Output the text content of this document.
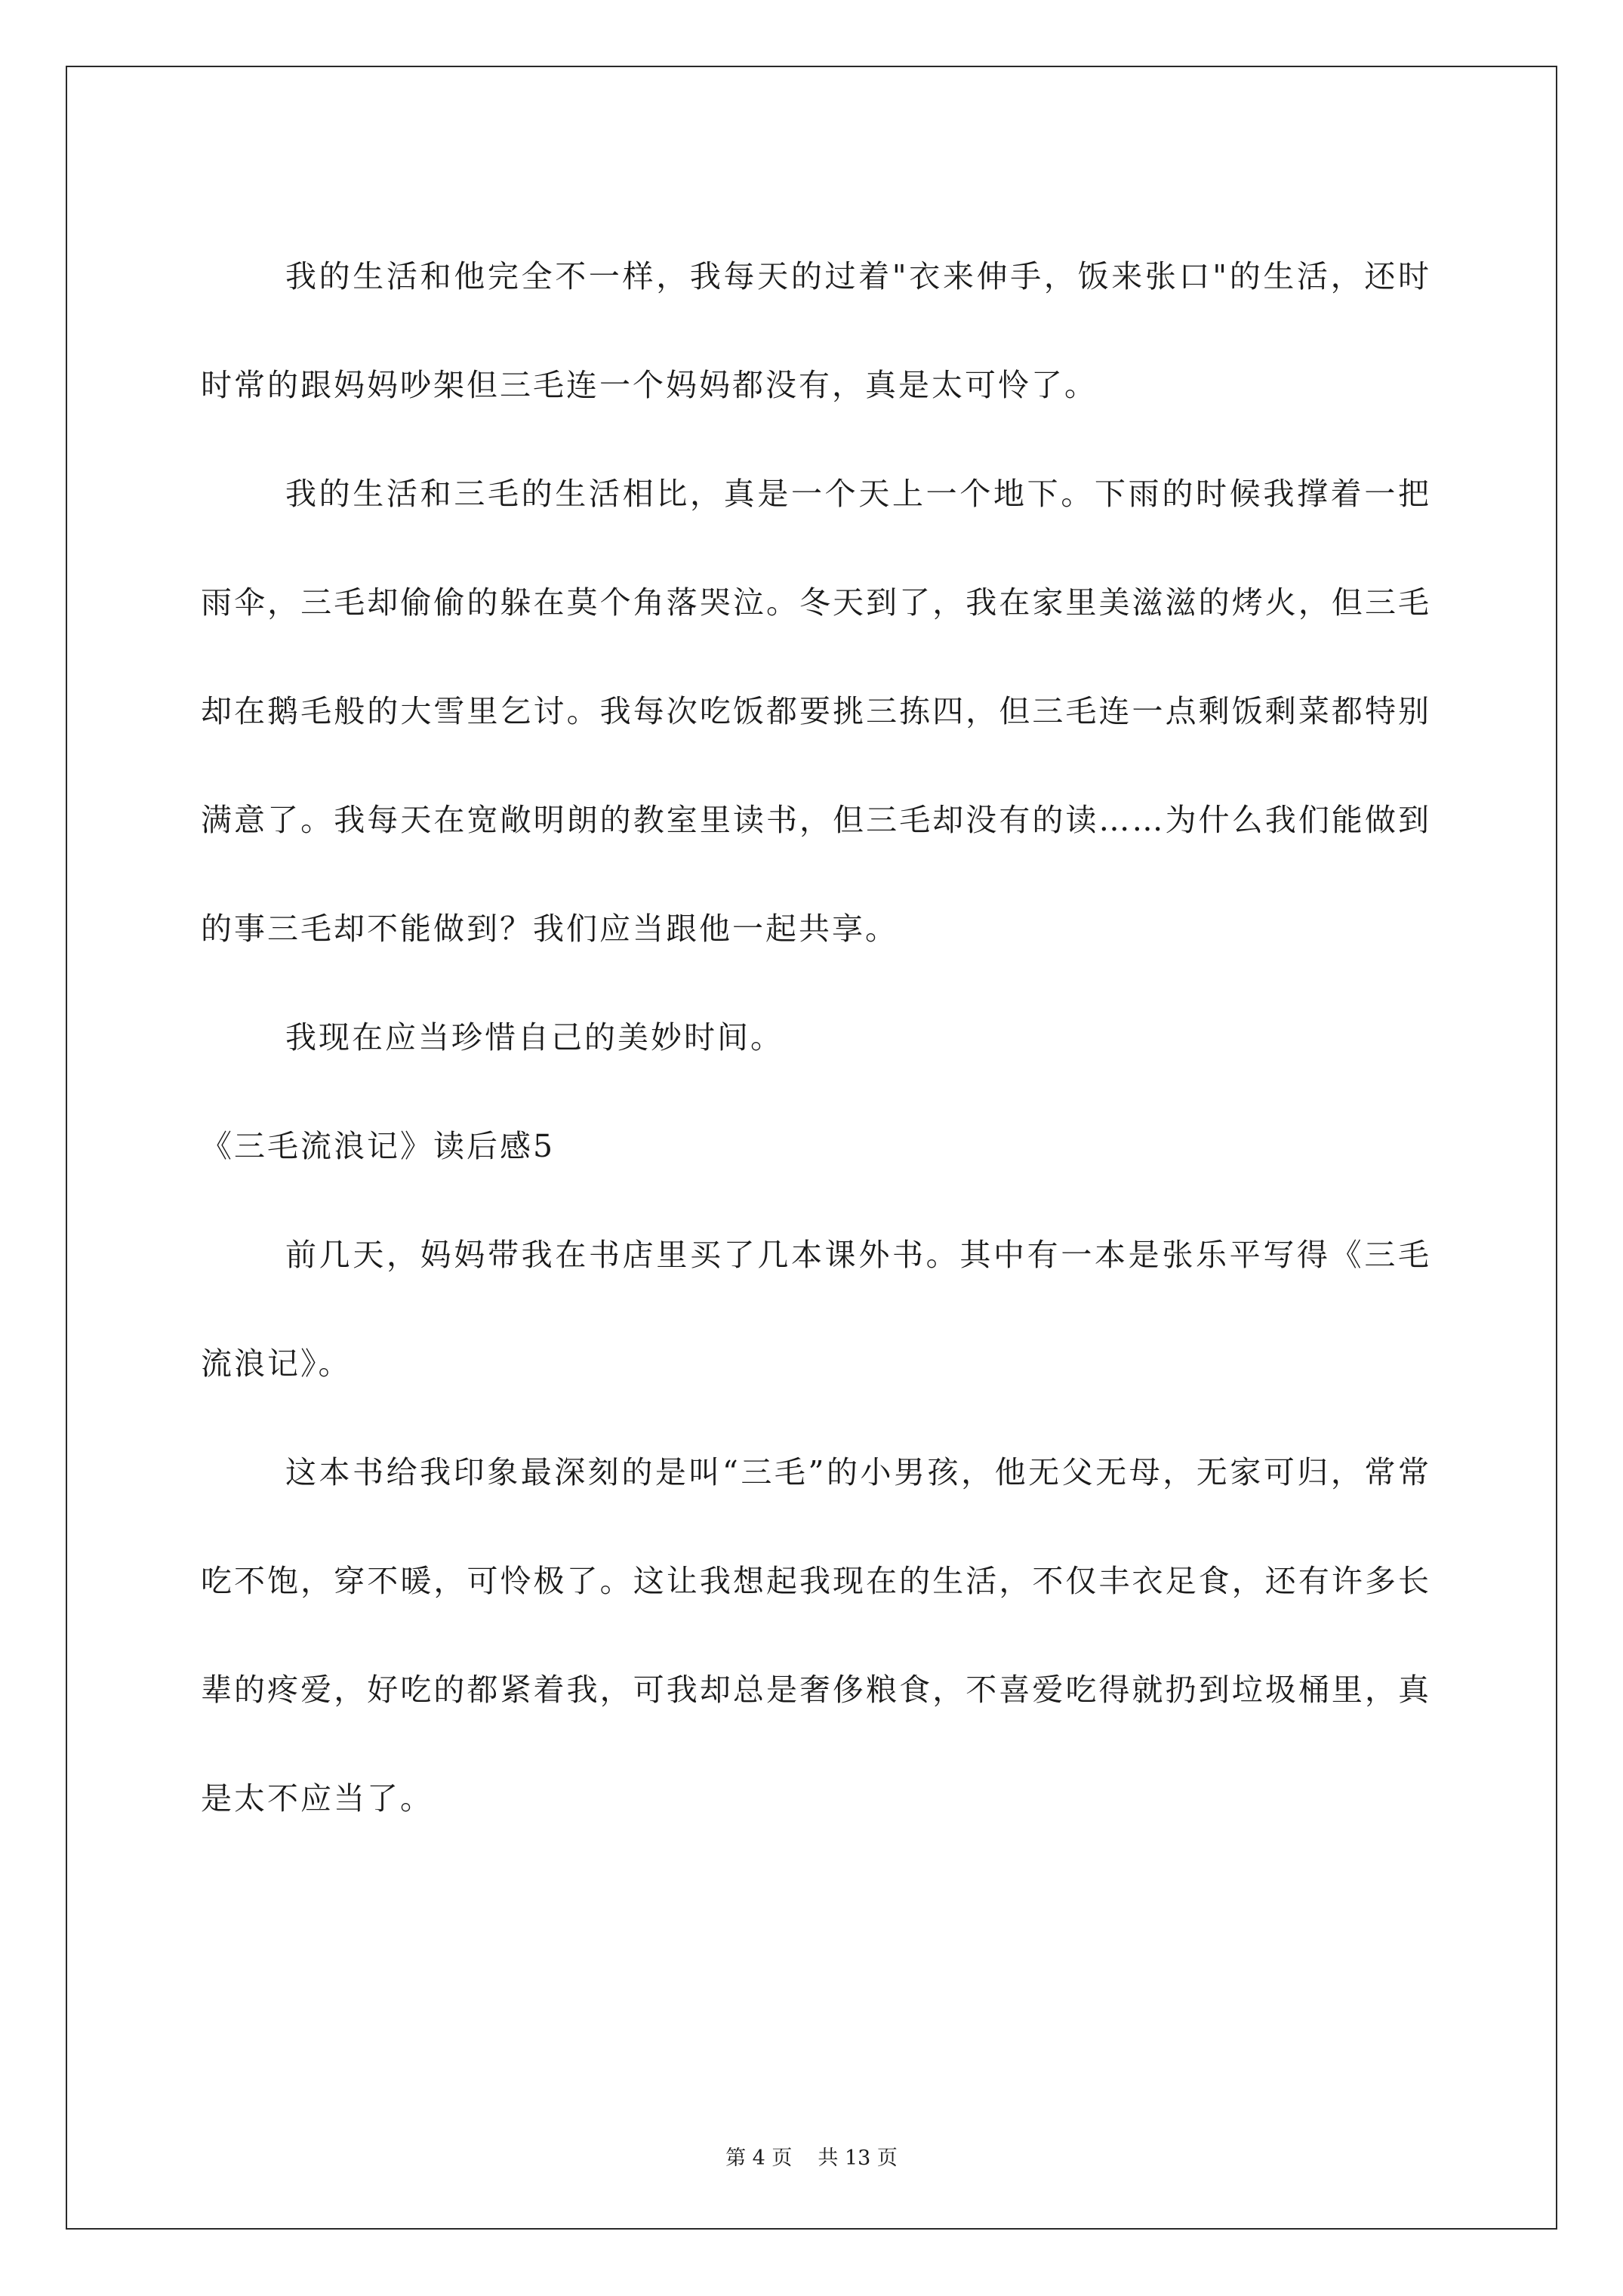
我的生活和他完全不一样，我每天的过着"衣来伸手，饭来张口"的生活，还时时常的跟妈妈吵架但三毛连一个妈妈都没有，真是太可怜了。

我的生活和三毛的生活相比，真是一个天上一个地下。下雨的时候我撑着一把雨伞，三毛却偷偷的躲在莫个角落哭泣。冬天到了，我在家里美滋滋的烤火，但三毛却在鹅毛般的大雪里乞讨。我每次吃饭都要挑三拣四，但三毛连一点剩饭剩菜都特别满意了。我每天在宽敞明朗的教室里读书，但三毛却没有的读……为什么我们能做到的事三毛却不能做到？我们应当跟他一起共享。

我现在应当珍惜自己的美妙时间。

《三毛流浪记》读后感5

前几天，妈妈带我在书店里买了几本课外书。其中有一本是张乐平写得《三毛流浪记》。

这本书给我印象最深刻的是叫“三毛”的小男孩，他无父无母，无家可归，常常吃不饱，穿不暖，可怜极了。这让我想起我现在的生活，不仅丰衣足食，还有许多长辈的疼爱，好吃的都紧着我，可我却总是奢侈粮食，不喜爱吃得就扔到垃圾桶里，真是太不应当了。

第 4 页 共 13 页
